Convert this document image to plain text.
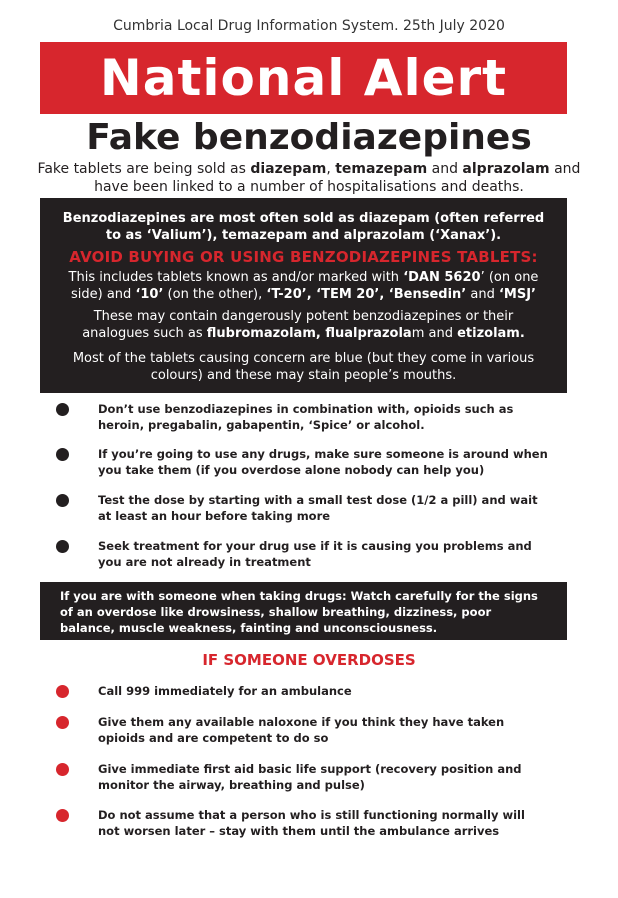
Cumbria Local Drug Information System. 25th July 2020
National Alert
Fake benzodiazepines
Fake tablets are being sold as diazepam, temazepam and alprazolam and have been linked to a number of hospitalisations and deaths.

Benzodiazepines are most often sold as diazepam (often referred to as ‘Valium’), temazepam and alprazolam (‘Xanax’).

AVOID BUYING OR USING BENZODIAZEPINES TABLETS:

This includes tablets known as and/or marked with ‘DAN 5620’ (on one side) and ‘10’ (on the other), ‘T-20’, ‘TEM 20’, ‘Bensedin’ and ‘MSJ’

These may contain dangerously potent benzodiazepines or their analogues such as flubromazolam, flualprazolam and etizolam.

Most of the tablets causing concern are blue (but they come in various colours) and these may stain people’s mouths.

Don’t use benzodiazepines in combination with, opioids such as heroin, pregabalin, gabapentin, ‘Spice’ or alcohol.
If you’re going to use any drugs, make sure someone is around when you take them (if you overdose alone nobody can help you)
Test the dose by starting with a small test dose (1/2 a pill) and wait at least an hour before taking more
Seek treatment for your drug use if it is causing you problems and you are not already in treatment
If you are with someone when taking drugs: Watch carefully for the signs of an overdose like drowsiness, shallow breathing, dizziness, poor balance, muscle weakness, fainting and unconsciousness.
IF SOMEONE OVERDOSES
Call 999 immediately for an ambulance
Give them any available naloxone if you think they have taken opioids and are competent to do so
Give immediate first aid basic life support (recovery position and monitor the airway, breathing and pulse)
Do not assume that a person who is still functioning normally will not worsen later – stay with them until the ambulance arrives
